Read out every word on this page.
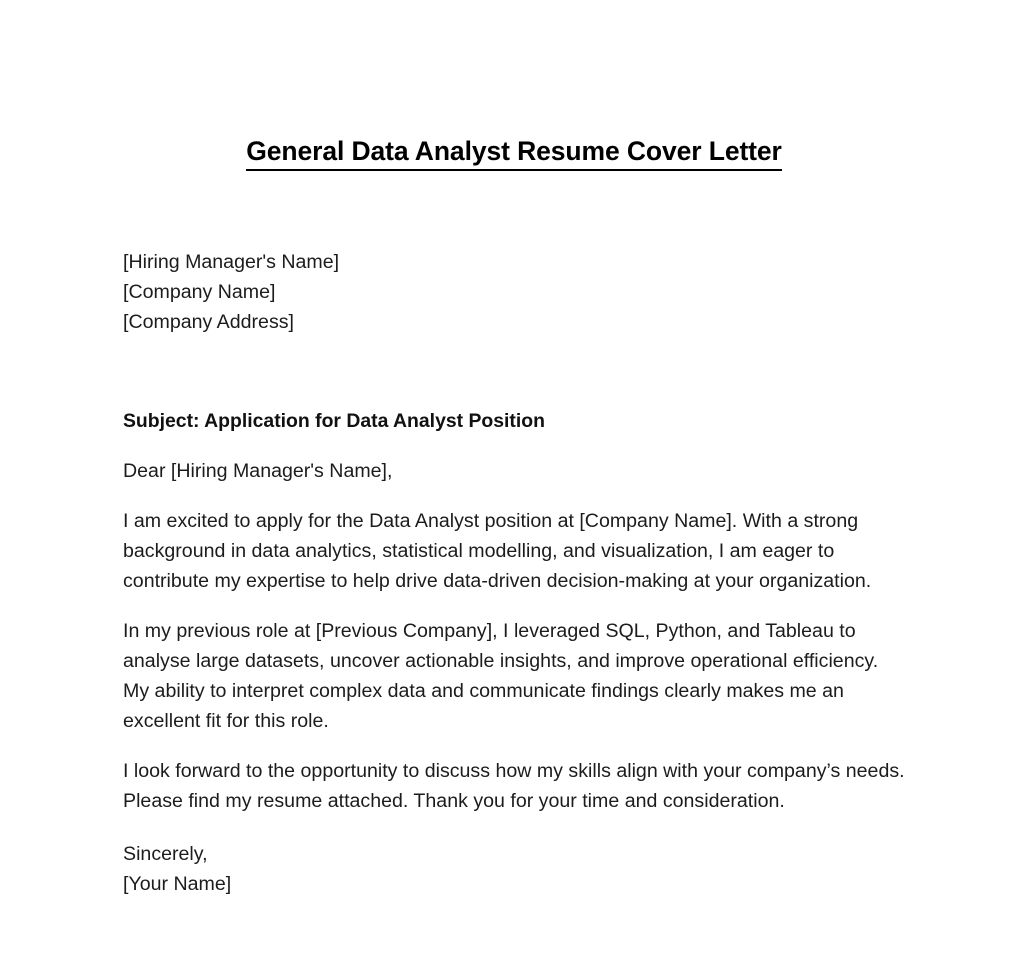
General Data Analyst Resume Cover Letter
[Hiring Manager's Name]
[Company Name]
[Company Address]
Subject: Application for Data Analyst Position
Dear [Hiring Manager's Name],

I am excited to apply for the Data Analyst position at [Company Name]. With a strong background in data analytics, statistical modelling, and visualization, I am eager to contribute my expertise to help drive data-driven decision-making at your organization.

In my previous role at [Previous Company], I leveraged SQL, Python, and Tableau to analyse large datasets, uncover actionable insights, and improve operational efficiency. My ability to interpret complex data and communicate findings clearly makes me an excellent fit for this role.

I look forward to the opportunity to discuss how my skills align with your company’s needs. Please find my resume attached. Thank you for your time and consideration.

Sincerely,
[Your Name]
